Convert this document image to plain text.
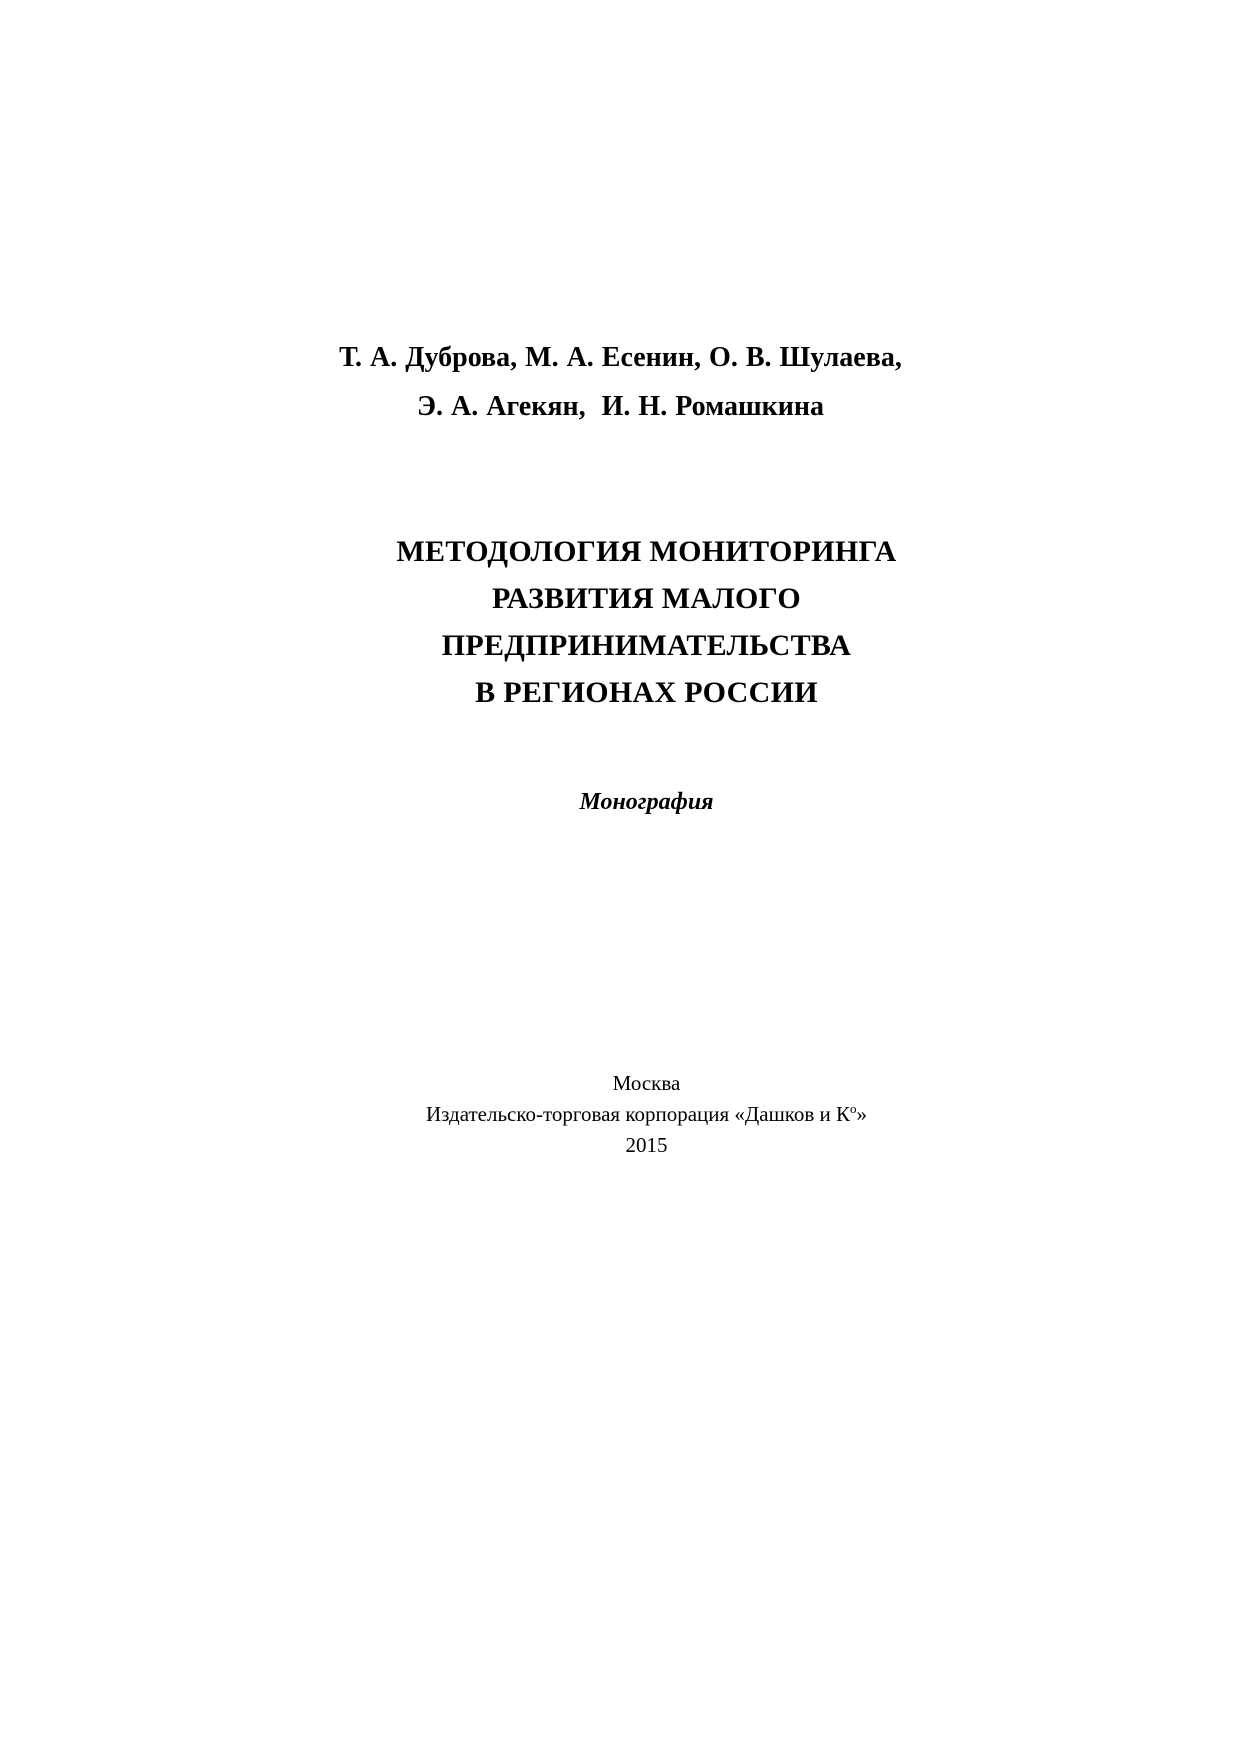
Т. А. Дуброва, М. А. Есенин, О. В. Шулаева,
Э. А. Агекян,  И. Н. Ромашкина
МЕТОДОЛОГИЯ МОНИТОРИНГА
РАЗВИТИЯ МАЛОГО
ПРЕДПРИНИМАТЕЛЬСТВА
В РЕГИОНАХ РОССИИ
Монография
Москва
Издательско-торговая корпорация «Дашков и $К^о$»
2015
